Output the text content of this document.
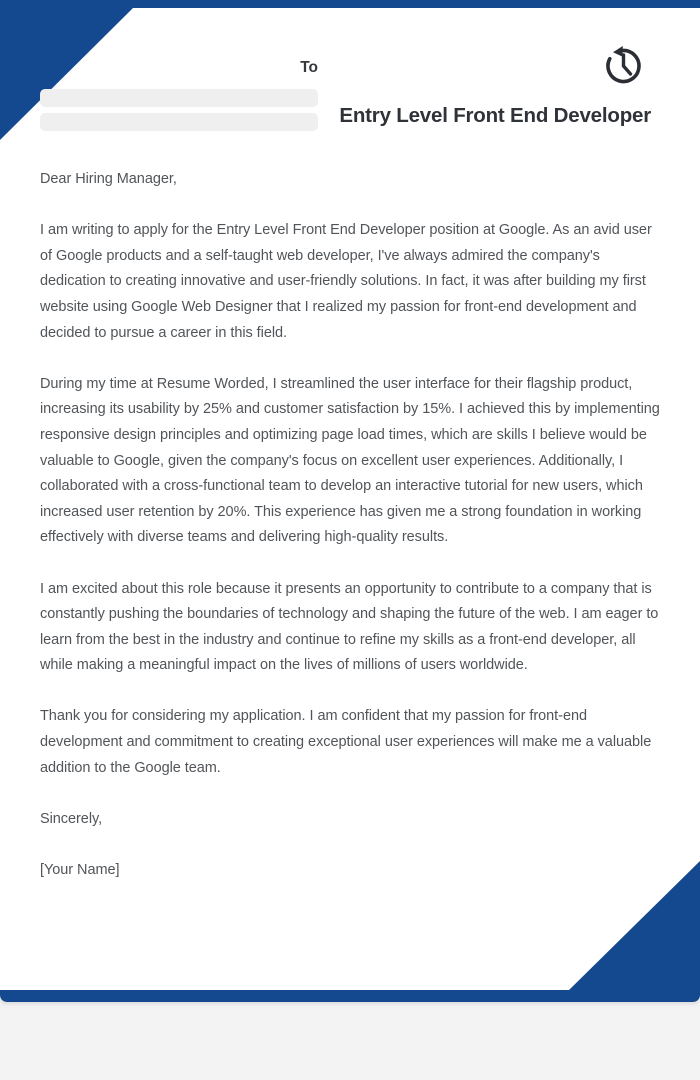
To
Entry Level Front End Developer

Dear Hiring Manager,

I am writing to apply for the Entry Level Front End Developer position at Google. As an avid user of Google products and a self-taught web developer, I've always admired the company's dedication to creating innovative and user-friendly solutions. In fact, it was after building my first website using Google Web Designer that I realized my passion for front-end development and decided to pursue a career in this field.

During my time at Resume Worded, I streamlined the user interface for their flagship product, increasing its usability by 25% and customer satisfaction by 15%. I achieved this by implementing responsive design principles and optimizing page load times, which are skills I believe would be valuable to Google, given the company's focus on excellent user experiences. Additionally, I collaborated with a cross-functional team to develop an interactive tutorial for new users, which increased user retention by 20%. This experience has given me a strong foundation in working effectively with diverse teams and delivering high-quality results.

I am excited about this role because it presents an opportunity to contribute to a company that is constantly pushing the boundaries of technology and shaping the future of the web. I am eager to learn from the best in the industry and continue to refine my skills as a front-end developer, all while making a meaningful impact on the lives of millions of users worldwide.

Thank you for considering my application. I am confident that my passion for front-end development and commitment to creating exceptional user experiences will make me a valuable addition to the Google team.

Sincerely,

[Your Name]
